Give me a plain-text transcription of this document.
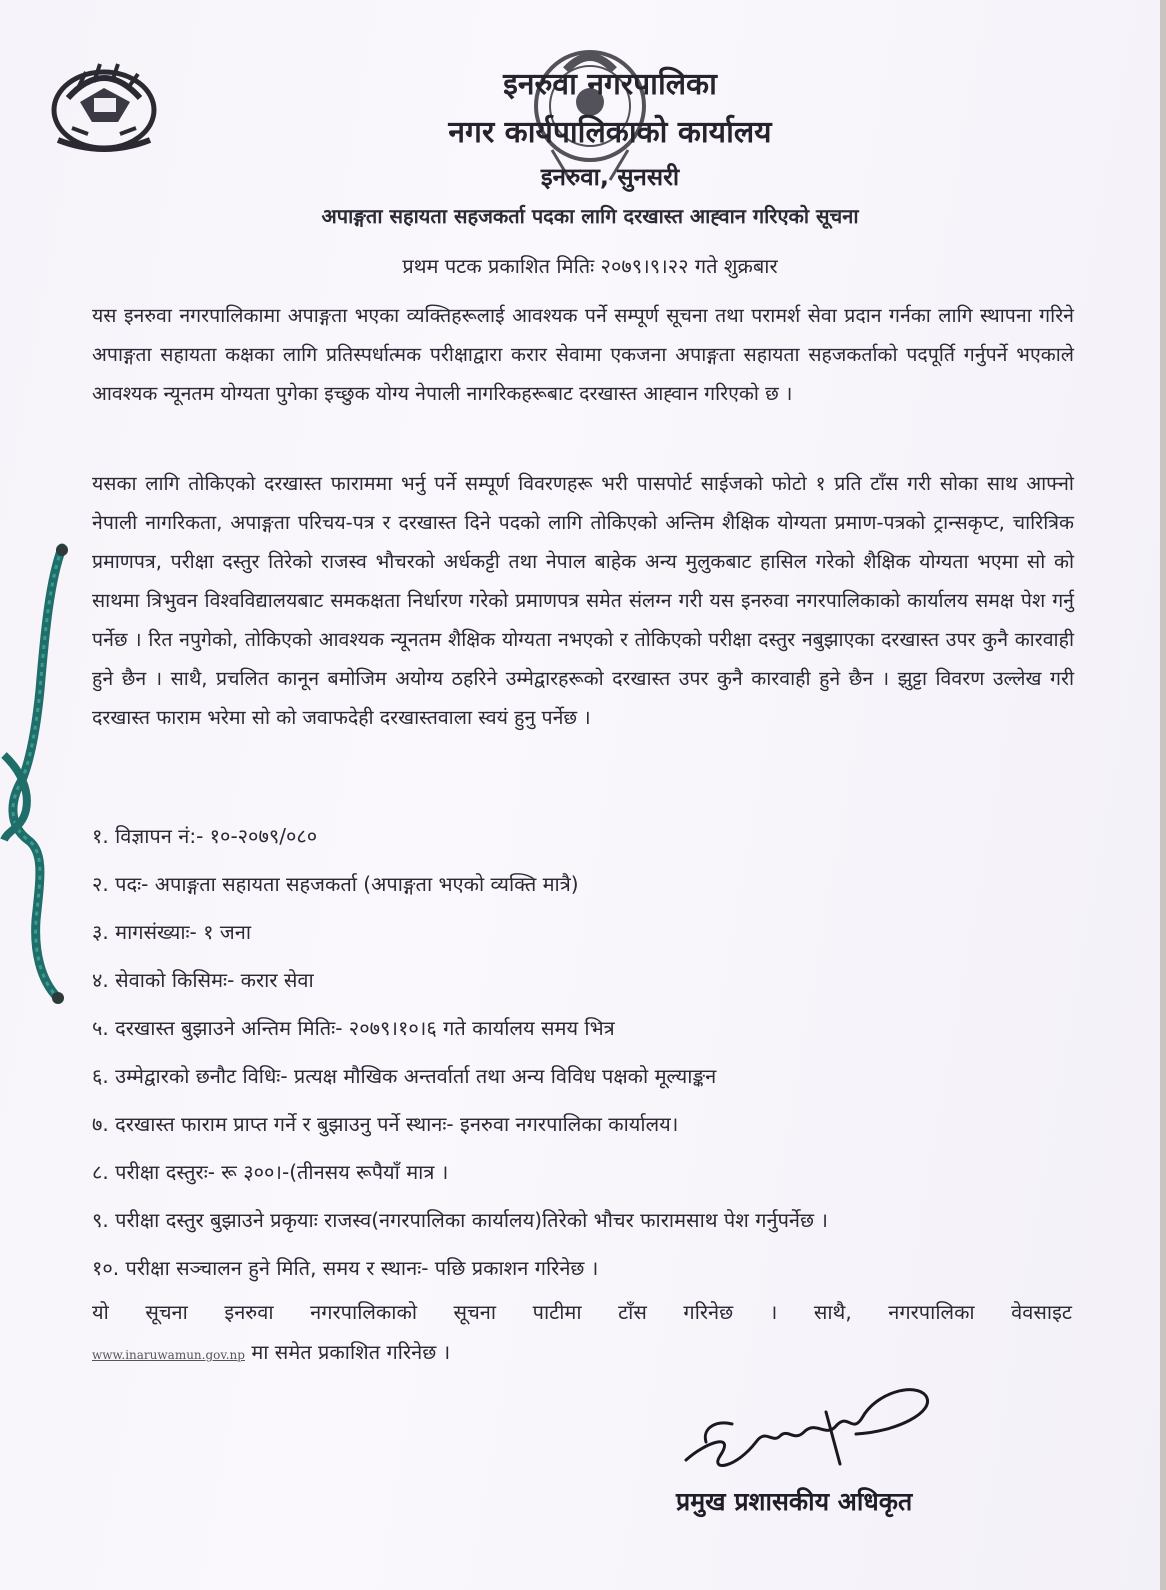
इनरुवा नगरपालिका
नगर कार्यपालिकाको कार्यालय
इनरुवा, सुनसरी
अपाङ्गता सहायता सहजकर्ता पदका लागि दरखास्त आह्‍वान गरिएको सूचना
प्रथम पटक प्रकाशित मितिः २०७९।९।२२ गते शुक्रबार
यस इनरुवा नगरपालिकामा अपाङ्गता भएका व्यक्तिहरूलाई आवश्यक पर्ने सम्पूर्ण सूचना तथा परामर्श सेवा प्रदान गर्नका लागि स्थापना गरिने अपाङ्गता सहायता कक्षका लागि प्रतिस्पर्धात्मक परीक्षाद्वारा करार सेवामा एकजना अपाङ्गता सहायता सहजकर्ताको पदपूर्ति गर्नुपर्ने भएकाले आवश्यक न्यूनतम योग्यता पुगेका इच्छुक योग्य नेपाली नागरिकहरूबाट दरखास्त आह्‍वान गरिएको छ ।
यसका लागि तोकिएको दरखास्त फाराममा भर्नु पर्ने सम्पूर्ण विवरणहरू भरी पासपोर्ट साईजको फोटो १ प्रति टाँस गरी सोका साथ आफ्नो नेपाली नागरिकता, अपाङ्गता परिचय-पत्र र दरखास्त दिने पदको लागि तोकिएको अन्तिम शैक्षिक योग्यता प्रमाण-पत्रको ट्रान्सकृप्ट, चारित्रिक प्रमाणपत्र, परीक्षा दस्तुर तिरेको राजस्व भौचरको अर्धकट्टी तथा नेपाल बाहेक अन्य मुलुकबाट हासिल गरेको शैक्षिक योग्यता भएमा सो को साथमा त्रिभुवन विश्वविद्यालयबाट समकक्षता निर्धारण गरेको प्रमाणपत्र समेत संलग्न गरी यस इनरुवा नगरपालिकाको कार्यालय समक्ष पेश गर्नु पर्नेछ । रित नपुगेको, तोकिएको आवश्यक न्यूनतम शैक्षिक योग्यता नभएको र तोकिएको परीक्षा दस्तुर नबुझाएका दरखास्त उपर कुनै कारवाही हुने छैन । साथै, प्रचलित कानून बमोजिम अयोग्य ठहरिने उम्मेद्वारहरूको दरखास्त उपर कुनै कारवाही हुने छैन । झुट्टा विवरण उल्लेख गरी दरखास्त फाराम भरेमा सो को जवाफदेही दरखास्तवाला स्वयं हुनु पर्नेछ ।
१. विज्ञापन नं:- १०-२०७९/०८०
२. पदः- अपाङ्गता सहायता सहजकर्ता (अपाङ्गता भएको व्यक्ति मात्रै)
३. मागसंख्याः- १ जना
४. सेवाको किसिमः- करार सेवा
५. दरखास्त बुझाउने अन्तिम मितिः- २०७९।१०।६ गते कार्यालय समय भित्र
६. उम्मेद्वारको छनौट विधिः- प्रत्यक्ष मौखिक अन्तर्वार्ता तथा अन्य विविध पक्षको मूल्याङ्कन
७. दरखास्त फाराम प्राप्त गर्ने र बुझाउनु पर्ने स्थानः- इनरुवा नगरपालिका कार्यालय।
८. परीक्षा दस्तुरः- रू ३००।-(तीनसय रूपैयाँ मात्र ।
९. परीक्षा दस्तुर बुझाउने प्रकृयाः राजस्व(नगरपालिका कार्यालय)तिरेको भौचर फारामसाथ पेश गर्नुपर्नेछ ।
१०. परीक्षा सञ्चालन हुने मिति, समय र स्थानः- पछि प्रकाशन गरिनेछ ।
यो सूचना इनरुवा नगरपालिकाको सूचना पाटीमा टाँस गरिनेछ । साथै, नगरपालिका वेवसाइट
www.inaruwamun.gov.np मा समेत प्रकाशित गरिनेछ ।
प्रमुख प्रशासकीय अधिकृत
